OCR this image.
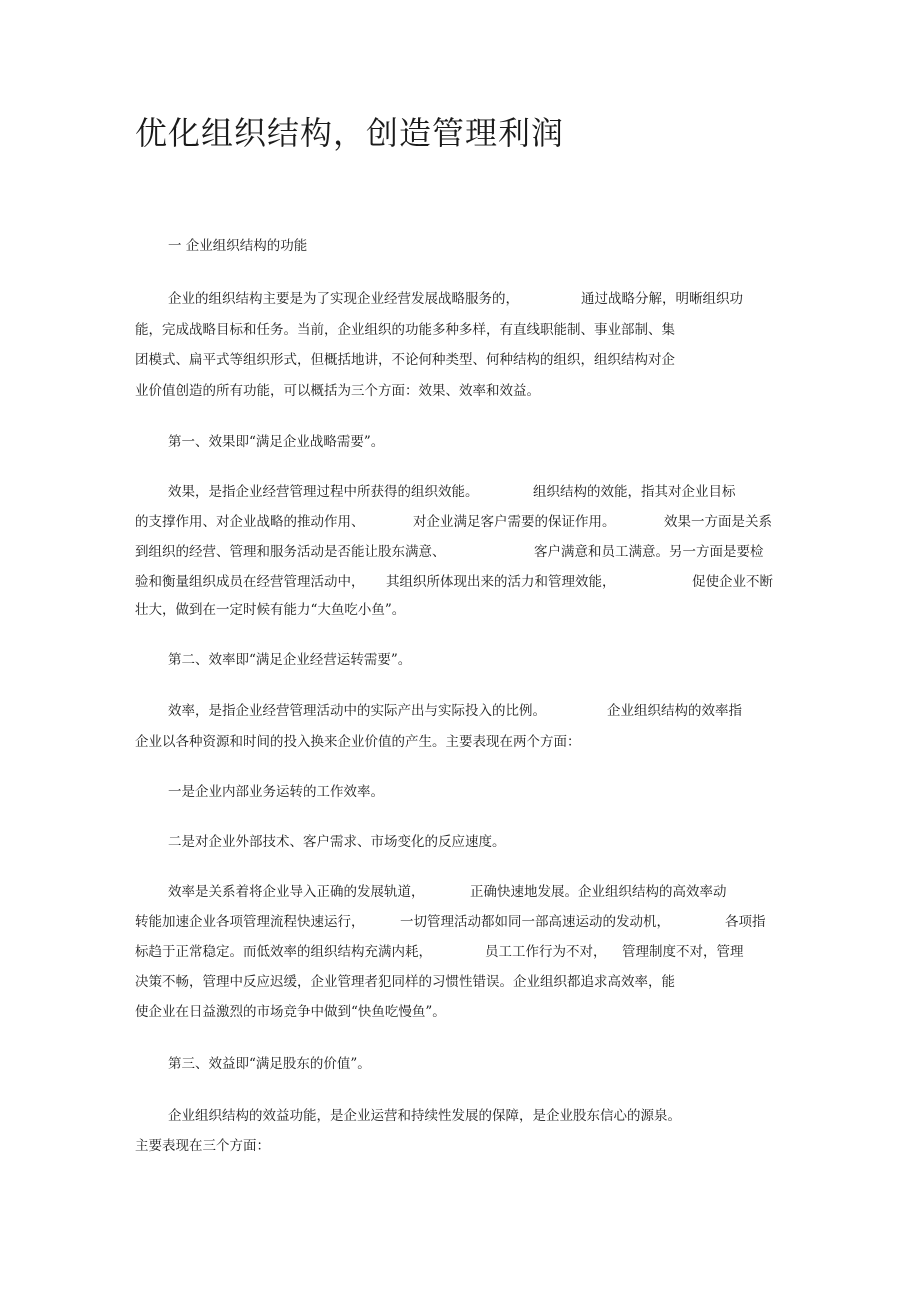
优化组织结构，创造管理利润

一 企业组织结构的功能

企业的组织结构主要是为了实现企业经营发展战略服务的，	通过战略分解，明晰组织功

能，完成战略目标和任务。当前，企业组织的功能多种多样，有直线职能制、事业部制、集

团模式、扁平式等组织形式，但概括地讲，不论何种类型、何种结构的组织，组织结构对企

业价值创造的所有功能，可以概括为三个方面：效果、效率和效益。

第一、效果即“满足企业战略需要”。

效果，是指企业经营管理过程中所获得的组织效能。	组织结构的效能，指其对企业目标

的支撑作用、对企业战略的推动作用、	对企业满足客户需要的保证作用。	效果一方面是关系

到组织的经营、管理和服务活动是否能让股东满意、	客户满意和员工满意。另一方面是要检

验和衡量组织成员在经营管理活动中， 其组织所体现出来的活力和管理效能，	促使企业不断

壮大，做到在一定时候有能力“大鱼吃小鱼”。

第二、效率即“满足企业经营运转需要”。

效率，是指企业经营管理活动中的实际产出与实际投入的比例。	企业组织结构的效率指

企业以各种资源和时间的投入换来企业价值的产生。主要表现在两个方面：

一是企业内部业务运转的工作效率。

二是对企业外部技术、客户需求、市场变化的反应速度。

效率是关系着将企业导入正确的发展轨道，	正确快速地发展。企业组织结构的高效率动

转能加速企业各项管理流程快速运行，	一切管理活动都如同一部高速运动的发动机，	各项指

标趋于正常稳定。而低效率的组织结构充满内耗，	员工工作行为不对， 管理制度不对，管理

决策不畅，管理中反应迟缓，企业管理者犯同样的习惯性错误。企业组织都追求高效率，能

使企业在日益激烈的市场竞争中做到“快鱼吃慢鱼”。

第三、效益即“满足股东的价值”。

企业组织结构的效益功能，是企业运营和持续性发展的保障，是企业股东信心的源泉。

主要表现在三个方面：
